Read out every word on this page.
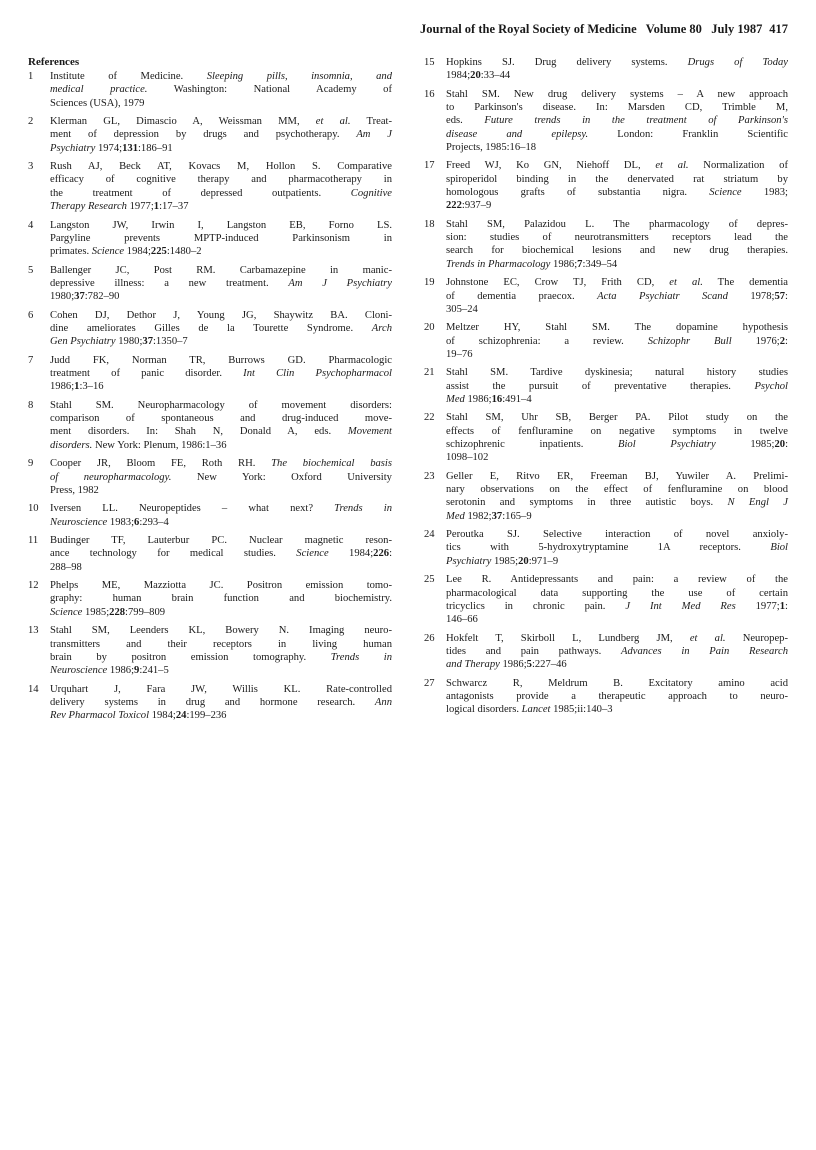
Journal of the Royal Society of Medicine   Volume 80   July 1987 417
References
1	Institute of Medicine. Sleeping pills, insomnia, and
medical practice. Washington: National Academy of
Sciences (USA), 1979
2	Klerman GL, Dimascio A, Weissman MM, et al. Treat-
ment of depression by drugs and psychotherapy. Am J
Psychiatry 1974;131:186–91
3	Rush AJ, Beck AT, Kovacs M, Hollon S. Comparative
efficacy of cognitive therapy and pharmacotherapy in
the treatment of depressed outpatients. Cognitive
Therapy Research 1977;1:17–37
4	Langston JW, Irwin I, Langston EB, Forno LS.
Pargyline prevents MPTP-induced Parkinsonism in
primates. Science 1984;225:1480–2
5	Ballenger JC, Post RM. Carbamazepine in manic-
depressive illness: a new treatment. Am J Psychiatry
1980;37:782–90
6	Cohen DJ, Dethor J, Young JG, Shaywitz BA. Cloni-
dine ameliorates Gilles de la Tourette Syndrome. Arch
Gen Psychiatry 1980;37:1350–7
7	Judd FK, Norman TR, Burrows GD. Pharmacologic
treatment of panic disorder. Int Clin Psychopharmacol
1986;1:3–16
8	Stahl SM. Neuropharmacology of movement disorders:
comparison of spontaneous and drug-induced move-
ment disorders. In: Shah N, Donald A, eds. Movement
disorders. New York: Plenum, 1986:1–36
9	Cooper JR, Bloom FE, Roth RH. The biochemical basis
of neuropharmacology. New York: Oxford University
Press, 1982
10	Iversen LL. Neuropeptides – what next? Trends in
Neuroscience 1983;6:293–4
11	Budinger TF, Lauterbur PC. Nuclear magnetic reson-
ance technology for medical studies. Science 1984;226:
288–98
12	Phelps ME, Mazziotta JC. Positron emission tomo-
graphy: human brain function and biochemistry.
Science 1985;228:799–809
13	Stahl SM, Leenders KL, Bowery N. Imaging neuro-
transmitters and their receptors in living human
brain by positron emission tomography. Trends in
Neuroscience 1986;9:241–5
14	Urquhart J, Fara JW, Willis KL. Rate-controlled
delivery systems in drug and hormone research. Ann
Rev Pharmacol Toxicol 1984;24:199–236
15	Hopkins SJ. Drug delivery systems. Drugs of Today
1984;20:33–44
16	Stahl SM. New drug delivery systems – A new approach
to Parkinson's disease. In: Marsden CD, Trimble M,
eds. Future trends in the treatment of Parkinson's
disease and epilepsy. London: Franklin Scientific
Projects, 1985:16–18
17	Freed WJ, Ko GN, Niehoff DL, et al. Normalization of
spiroperidol binding in the denervated rat striatum by
homologous grafts of substantia nigra. Science 1983;
222:937–9
18	Stahl SM, Palazidou L. The pharmacology of depres-
sion: studies of neurotransmitters receptors lead the
search for biochemical lesions and new drug therapies.
Trends in Pharmacology 1986;7:349–54
19	Johnstone EC, Crow TJ, Frith CD, et al. The dementia
of dementia praecox. Acta Psychiatr Scand 1978;57:
305–24
20	Meltzer HY, Stahl SM. The dopamine hypothesis
of schizophrenia: a review. Schizophr Bull 1976;2:
19–76
21	Stahl SM. Tardive dyskinesia; natural history studies
assist the pursuit of preventative therapies. Psychol
Med 1986;16:491–4
22	Stahl SM, Uhr SB, Berger PA. Pilot study on the
effects of fenfluramine on negative symptoms in twelve
schizophrenic inpatients. Biol Psychiatry 1985;20:
1098–102
23	Geller E, Ritvo ER, Freeman BJ, Yuwiler A. Prelimi-
nary observations on the effect of fenfluramine on blood
serotonin and symptoms in three autistic boys. N Engl J
Med 1982;37:165–9
24	Peroutka SJ. Selective interaction of novel anxioly-
tics with 5-hydroxytryptamine 1A receptors. Biol
Psychiatry 1985;20:971–9
25	Lee R. Antidepressants and pain: a review of the
pharmacological data supporting the use of certain
tricyclics in chronic pain. J Int Med Res 1977;1:
146–66
26	Hokfelt T, Skirboll L, Lundberg JM, et al. Neuropep-
tides and pain pathways. Advances in Pain Research
and Therapy 1986;5:227–46
27	Schwarcz R, Meldrum B. Excitatory amino acid
antagonists provide a therapeutic approach to neuro-
logical disorders. Lancet 1985;ii:140–3
